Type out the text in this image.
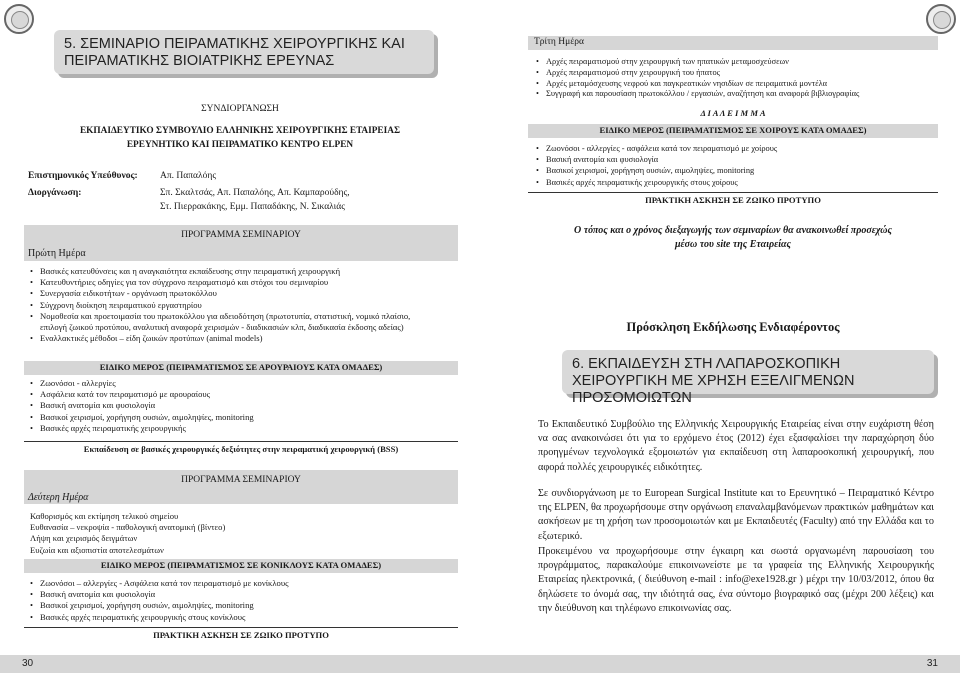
5. ΣΕΜΙΝΑΡΙΟ ΠΕΙΡΑΜΑΤΙΚΗΣ ΧΕΙΡΟΥΡΓΙΚΗΣ ΚΑΙ ΠΕΙΡΑΜΑΤΙΚΗΣ ΒΙΟΙΑΤΡΙΚΗΣ ΕΡΕΥΝΑΣ
ΣΥΝΔΙΟΡΓΑΝΩΣΗ
ΕΚΠΑΙΔΕΥΤΙΚΟ ΣΥΜΒΟΥΛΙΟ ΕΛΛΗΝΙΚΗΣ ΧΕΙΡΟΥΡΓΙΚΗΣ ΕΤΑΙΡΕΙΑΣ
ΕΡΕΥΝΗΤΙΚΟ ΚΑΙ ΠΕΙΡΑΜΑΤΙΚΟ ΚΕΝΤΡΟ ELPEN
Επιστημονικός Υπεύθυνος: Απ. Παπαλόης
Διοργάνωση:	Σπ. Σκαλτσάς, Απ. Παπαλόης, Απ. Καμπαρούδης,
Στ. Πιερρακάκης, Εμμ. Παπαδάκης, Ν. Σικαλιάς
ΠΡΟΓΡΑΜΜΑ ΣΕΜΙΝΑΡΙΟΥ
Πρώτη Ημέρα
• Βασικές κατευθύνσεις και η αναγκαιότητα εκπαίδευσης στην πειραματική χειρουργική
• Κατευθυντήριες οδηγίες για τον σύγχρονο πειραματισμό και στόχοι του σεμιναρίου
• Συνεργασία ειδικοτήτων - οργάνωση πρωτοκόλλου
• Σύγχρονη διοίκηση πειραματικού εργαστηρίου
• Νομοθεσία και προετοιμασία του πρωτοκόλλου για αδειοδότηση (πρωτοτυπία, στατιστική, νομικό πλαίσιο, επιλογή ζωικού προτύπου, αναλυτική αναφορά χειρισμών - διαδικασιών κλπ, διαδικασία έκδοσης αδείας)
• Εναλλακτικές μέθοδοι – είδη ζωικών προτύπων (animal models)
ΕΙΔΙΚΟ ΜΕΡΟΣ (ΠΕΙΡΑΜΑΤΙΣΜΟΣ ΣΕ ΑΡΟΥΡΑΙΟΥΣ ΚΑΤΑ ΟΜΑΔΕΣ)
• Ζωονόσοι - αλλεργίες
• Ασφάλεια κατά τον πειραματισμό με αρουραίους
• Βασική ανατομία και φυσιολογία
• Βασικοί χειρισμοί, χορήγηση ουσιών, αιμοληψίες, monitoring
• Βασικές αρχές πειραματικής χειρουργικής
Εκπαίδευση σε βασικές χειρουργικές δεξιότητες στην πειραματική χειρουργική (BSS)
ΠΡΟΓΡΑΜΜΑ ΣΕΜΙΝΑΡΙΟΥ
Δεύτερη Ημέρα
Καθορισμός και εκτίμηση τελικού σημείου
Ευθανασία – νεκροψία - παθολογική ανατομική (βίντεο)
Λήψη και χειρισμός δειγμάτων
Ευζωία και αξιοπιστία αποτελεσμάτων
ΕΙΔΙΚΟ ΜΕΡΟΣ (ΠΕΙΡΑΜΑΤΙΣΜΟΣ ΣΕ ΚΟΝΙΚΛΟΥΣ ΚΑΤΑ ΟΜΑΔΕΣ)
• Ζωονόσοι – αλλεργίες - Ασφάλεια κατά τον πειραματισμό με κονίκλους
• Βασική ανατομία και φυσιολογία
• Βασικοί χειρισμοί, χορήγηση ουσιών, αιμοληψίες, monitoring
• Βασικές αρχές πειραματικής χειρουργικής στους κονίκλους
ΠΡΑΚΤΙΚΗ ΑΣΚΗΣΗ ΣΕ ΖΩΙΚΟ ΠΡΟΤΥΠΟ
30
Τρίτη Ημέρα
• Αρχές πειραματισμού στην χειρουργική των ηπατικών μεταμοσχεύσεων
• Αρχές πειραματισμού στην χειρουργική του ήπατος
• Αρχές μεταμόσχευσης νεφρού και παγκρεατικών νησιδίων σε πειραματικά μοντέλα
• Συγγραφή και παρουσίαση πρωτοκόλλου / εργασιών, αναζήτηση και αναφορά βιβλιογραφίας
Δ Ι Α Λ Ε Ι Μ Μ Α
ΕΙΔΙΚΟ ΜΕΡΟΣ (ΠΕΙΡΑΜΑΤΙΣΜΟΣ ΣΕ ΧΟΙΡΟΥΣ ΚΑΤΑ ΟΜΑΔΕΣ)
• Ζωονόσοι - αλλεργίες - ασφάλεια κατά τον πειραματισμό με χοίρους
• Βασική ανατομία και φυσιολογία
• Βασικοί χειρισμοί, χορήγηση ουσιών, αιμοληψίες, monitoring
• Βασικές αρχές πειραματικής χειρουργικής στους χοίρους
ΠΡΑΚΤΙΚΗ ΑΣΚΗΣΗ ΣΕ ΖΩΙΚΟ ΠΡΟΤΥΠΟ
Ο τόπος και ο χρόνος διεξαγωγής των σεμιναρίων θα ανακοινωθεί προσεχώς
μέσω του site της Εταιρείας
Πρόσκληση Εκδήλωσης Ενδιαφέροντος
6. ΕΚΠΑΙΔΕΥΣΗ ΣΤΗ ΛΑΠΑΡΟΣΚΟΠΙΚΗ ΧΕΙΡΟΥΡΓΙΚΗ ΜΕ ΧΡΗΣΗ ΕΞΕΛΙΓΜΕΝΩΝ ΠΡΟΣΟΜΟΙΩΤΩΝ
Το Εκπαιδευτικό Συμβούλιο της Ελληνικής Χειρουργικής Εταιρείας είναι στην ευχάριστη θέση να σας ανακοινώσει ότι για το ερχόμενο έτος (2012) έχει εξασφαλίσει την παραχώρηση δύο προηγμένων τεχνολογικά εξομοιωτών για εκπαίδευση στη λαπαροσκοπική χειρουργική, που αφορά πολλές χειρουργικές ειδικότητες.
Σε συνδιοργάνωση με το European Surgical Institute και το Ερευνητικό – Πειραματικό Κέντρο της ELPEN, θα προχωρήσουμε στην οργάνωση επαναλαμβανόμενων πρακτικών μαθημάτων και ασκήσεων με τη χρήση των προσομοιωτών και με Εκπαιδευτές (Faculty) από την Ελλάδα και το εξωτερικό.
Προκειμένου να προχωρήσουμε στην έγκαιρη και σωστά οργανωμένη παρουσίαση του προγράμματος, παρακαλούμε επικοινωνείστε με τα γραφεία της Ελληνικής Χειρουργικής Εταιρείας ηλεκτρονικά, ( διεύθυνση e-mail : info@exe1928.gr ) μέχρι την 10/03/2012, όπου θα δηλώσετε το όνομά σας, την ιδιότητά σας, ένα σύντομο βιογραφικό σας (μέχρι 200 λέξεις) και την διεύθυνση και τηλέφωνο επικοινωνίας σας.
31
